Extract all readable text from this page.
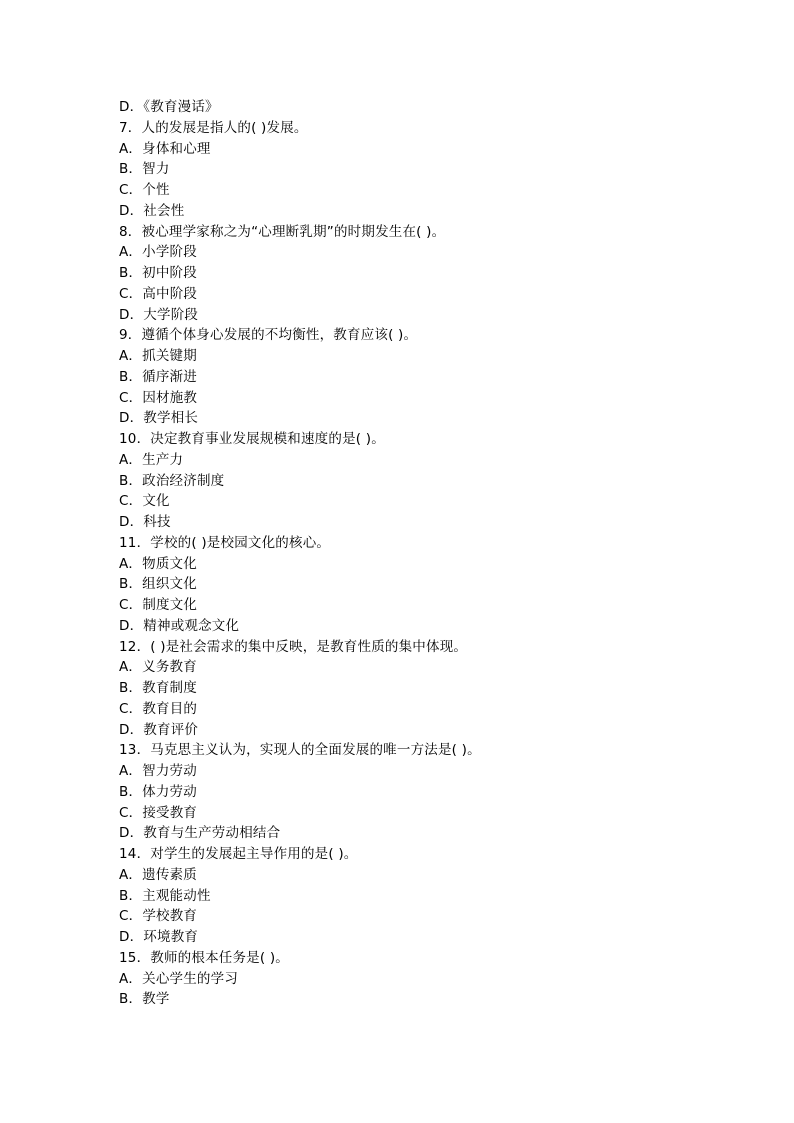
D．《教育漫话》
7．人的发展是指人的( )发展。
A．身体和心理
B．智力
C．个性
D．社会性
8．被心理学家称之为“心理断乳期”的时期发生在( )。
A．小学阶段
B．初中阶段
C．高中阶段
D．大学阶段
9．遵循个体身心发展的不均衡性，教育应该( )。
A．抓关键期
B．循序渐进
C．因材施教
D．教学相长
10．决定教育事业发展规模和速度的是( )。
A．生产力
B．政治经济制度
C．文化
D．科技
11．学校的( )是校园文化的核心。
A．物质文化
B．组织文化
C．制度文化
D．精神或观念文化
12．( )是社会需求的集中反映，是教育性质的集中体现。
A．义务教育
B．教育制度
C．教育目的
D．教育评价
13．马克思主义认为，实现人的全面发展的唯一方法是( )。
A．智力劳动
B．体力劳动
C．接受教育
D．教育与生产劳动相结合
14．对学生的发展起主导作用的是( )。
A．遗传素质
B．主观能动性
C．学校教育
D．环境教育
15．教师的根本任务是( )。
A．关心学生的学习
B．教学
